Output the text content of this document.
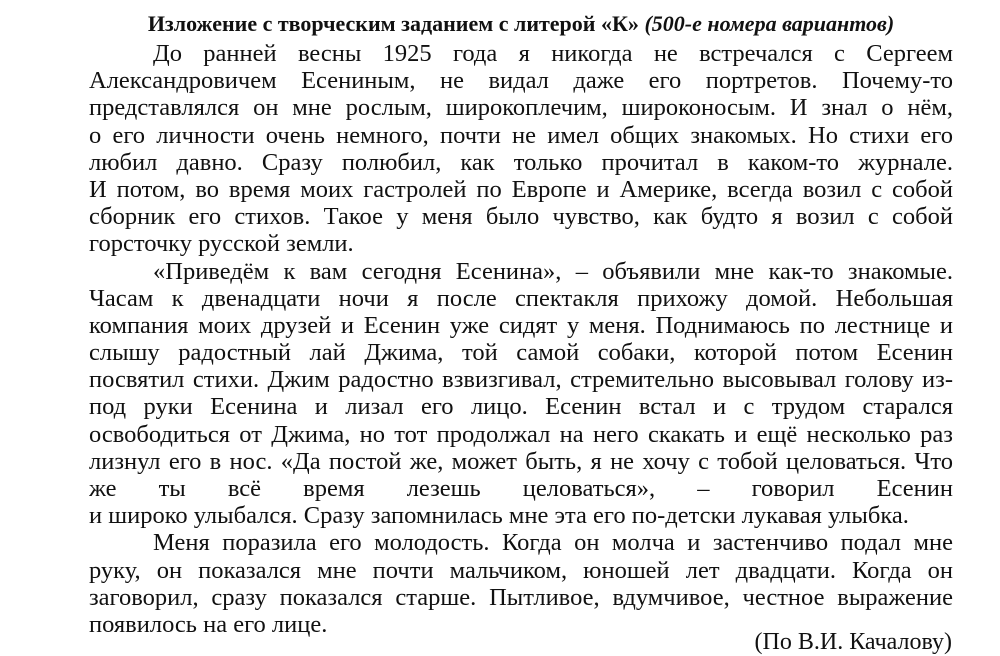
Изложение с творческим заданием с литерой «К» (500-е номера вариантов)
До ранней весны 1925 года я никогда не встречался с Сергеем
Александровичем Есениным, не видал даже его портретов. Почему-то
представлялся он мне рослым, широкоплечим, широконосым. И знал о нём,
о его личности очень немного, почти не имел общих знакомых. Но стихи его
любил давно. Сразу полюбил, как только прочитал в каком-то журнале.
И потом, во время моих гастролей по Европе и Америке, всегда возил с собой
сборник его стихов. Такое у меня было чувство, как будто я возил с собой
горсточку русской земли.
«Приведём к вам сегодня Есенина», – объявили мне как-то знакомые.
Часам к двенадцати ночи я после спектакля прихожу домой. Небольшая
компания моих друзей и Есенин уже сидят у меня. Поднимаюсь по лестнице и
слышу радостный лай Джима, той самой собаки, которой потом Есенин
посвятил стихи. Джим радостно взвизгивал, стремительно высовывал голову из-
под руки Есенина и лизал его лицо. Есенин встал и с трудом старался
освободиться от Джима, но тот продолжал на него скакать и ещё несколько раз
лизнул его в нос. «Да постой же, может быть, я не хочу с тобой целоваться. Что
же ты всё время лезешь целоваться», – говорил Есенин
и широко улыбался. Сразу запомнилась мне эта его по-детски лукавая улыбка.
Меня поразила его молодость. Когда он молча и застенчиво подал мне
руку, он показался мне почти мальчиком, юношей лет двадцати. Когда он
заговорил, сразу показался старше. Пытливое, вдумчивое, честное выражение
появилось на его лице.
(По В.И. Качалову)
